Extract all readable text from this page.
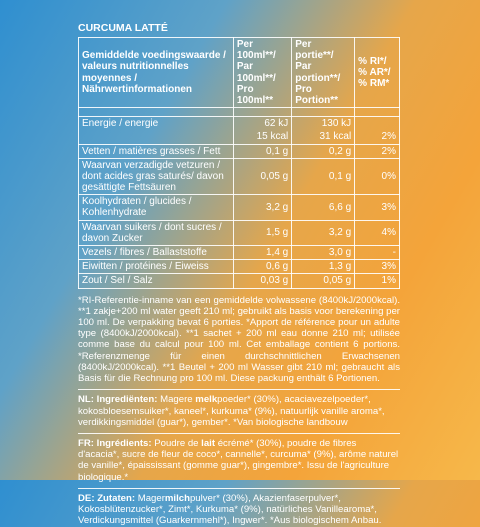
CURCUMA LATTÉ
Gemiddelde voedingswaarde / valeurs nutritionnelles moyennes / Nährwertinformationen	Per 100ml**/ Par 100ml**/ Pro 100ml**	Per portie**/ Par portion**/ Pro Portion**	% RI*/ % AR*/ % RM*

Energie / energie	62 kJ	130 kJ	
	15 kcal	31 kcal	2%
Vetten / matières grasses / Fett	0,1 g	0,2 g	2%
Waarvan verzadigde vetzuren / dont acides gras saturés/ davon gesättigte Fettsäuren	0,05 g	0,1 g	0%
Koolhydraten / glucides / Kohlenhydrate	3,2 g	6,6 g	3%
Waarvan suikers / dont sucres / davon Zucker	1,5 g	3,2 g	4%
Vezels / fibres / Ballaststoffe	1,4 g	3,0 g	-
Eiwitten / protéines / Eiweiss	0,6 g	1,3 g	3%
Zout / Sel / Salz	0,03 g	0,05 g	1%
*RI-Referentie-inname van een gemiddelde volwassene (8400kJ/2000kcal). **1 zakje+200 ml water geeft 210 ml; gebruikt als basis voor berekening per 100 ml. De verpakking bevat 6 porties. *Apport de référence pour un adulte type (8400kJ/2000kcal). **1 sachet + 200 ml eau donne 210 ml; utilisée comme base du calcul pour 100 ml. Cet emballage contient 6 portions. *Referenzmenge für einen durchschnittlichen Erwachsenen (8400kJ/2000kcal). **1 Beutel + 200 ml Wasser gibt 210 ml; gebraucht als Basis für die Rechnung pro 100 ml. Diese packung enthält 6 Portionen.
NL: Ingrediënten: Magere melkpoeder* (30%), acaciavezelpoeder*, kokosbloesemsuiker*, kaneel*, kurkuma* (9%), natuurlijk vanille aroma*, verdikkingsmiddel (guar*), gember*. *Van biologische landbouw
FR: Ingrédients: Poudre de lait écrémé* (30%), poudre de fibres d'acacia*, sucre de fleur de coco*, cannelle*, curcuma* (9%), arôme naturel de vanille*, épaississant (gomme guar*), gingembre*. Issu de l'agriculture biologique.*
DE: Zutaten: Magermilchpulver* (30%), Akazienfaserpulver*, Kokosblütenzucker*, Zimt*, Kurkuma* (9%), natürliches Vanillearoma*, Verdickungsmittel (Guarkernmehl*), Ingwer*. *Aus biologischem Anbau.
